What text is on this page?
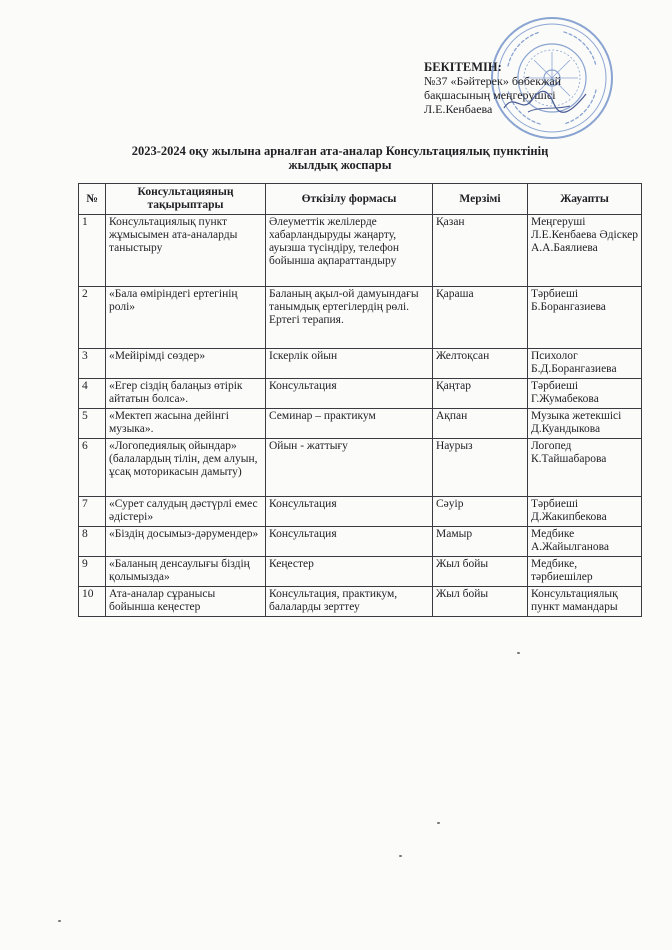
БЕКІТЕМІН:
№37 «Бәйтерек» бөбекжай
бақшасының меңгерушісі
Л.Е.Кенбаева
2023-2024 оқу жылына арналған ата-аналар Консультациялық пунктінің жылдық жоспары
№	Консультацияның тақырыптары	Өткізілу формасы	Мерзімі	Жауапты
1	Консультациялық пункт жұмысымен ата-аналарды таныстыру	Әлеуметтік желілерде хабарландыруды жаңарту, ауызша түсіндіру, телефон бойынша ақпараттандыру	Қазан	Меңгеруші Л.Е.Кенбаева Әдіскер А.А.Баялиева
2	«Бала өміріндегі ертегінің ролі»	Баланың ақыл-ой дамуындағы танымдық ертегілердің рөлі. Ертегі терапия.	Қараша	Тәрбиеші Б.Борангазиева
3	«Мейірімді сөздер»	Іскерлік ойын	Желтоқсан	Психолог Б.Д.Борангазиева
4	«Егер сіздің балаңыз өтірік айтатын болса».	Консультация	Қаңтар	Тәрбиеші Г.Жумабекова
5	«Мектеп жасына дейінгі музыка».	Семинар – практикум	Ақпан	Музыка жетекшісі Д.Куандыкова
6	«Логопедиялық ойындар» (балалардың тілін, дем алуын, ұсақ моторикасын дамыту)	Ойын - жаттығу	Наурыз	Логопед К.Тайшабарова
7	«Сурет салудың дәстүрлі емес әдістері»	Консультация	Сәуір	Тәрбиеші Д.Жакипбекова
8	«Біздің досымыз-дәрумендер»	Консультация	Мамыр	Медбике А.Жайылганова
9	«Баланың денсаулығы біздің қолымызда»	Кеңестер	Жыл бойы	Медбике, тәрбиешілер
10	Ата-аналар сұранысы бойынша кеңестер	Консультация, практикум, балаларды зерттеу	Жыл бойы	Консультациялық пункт мамандары
